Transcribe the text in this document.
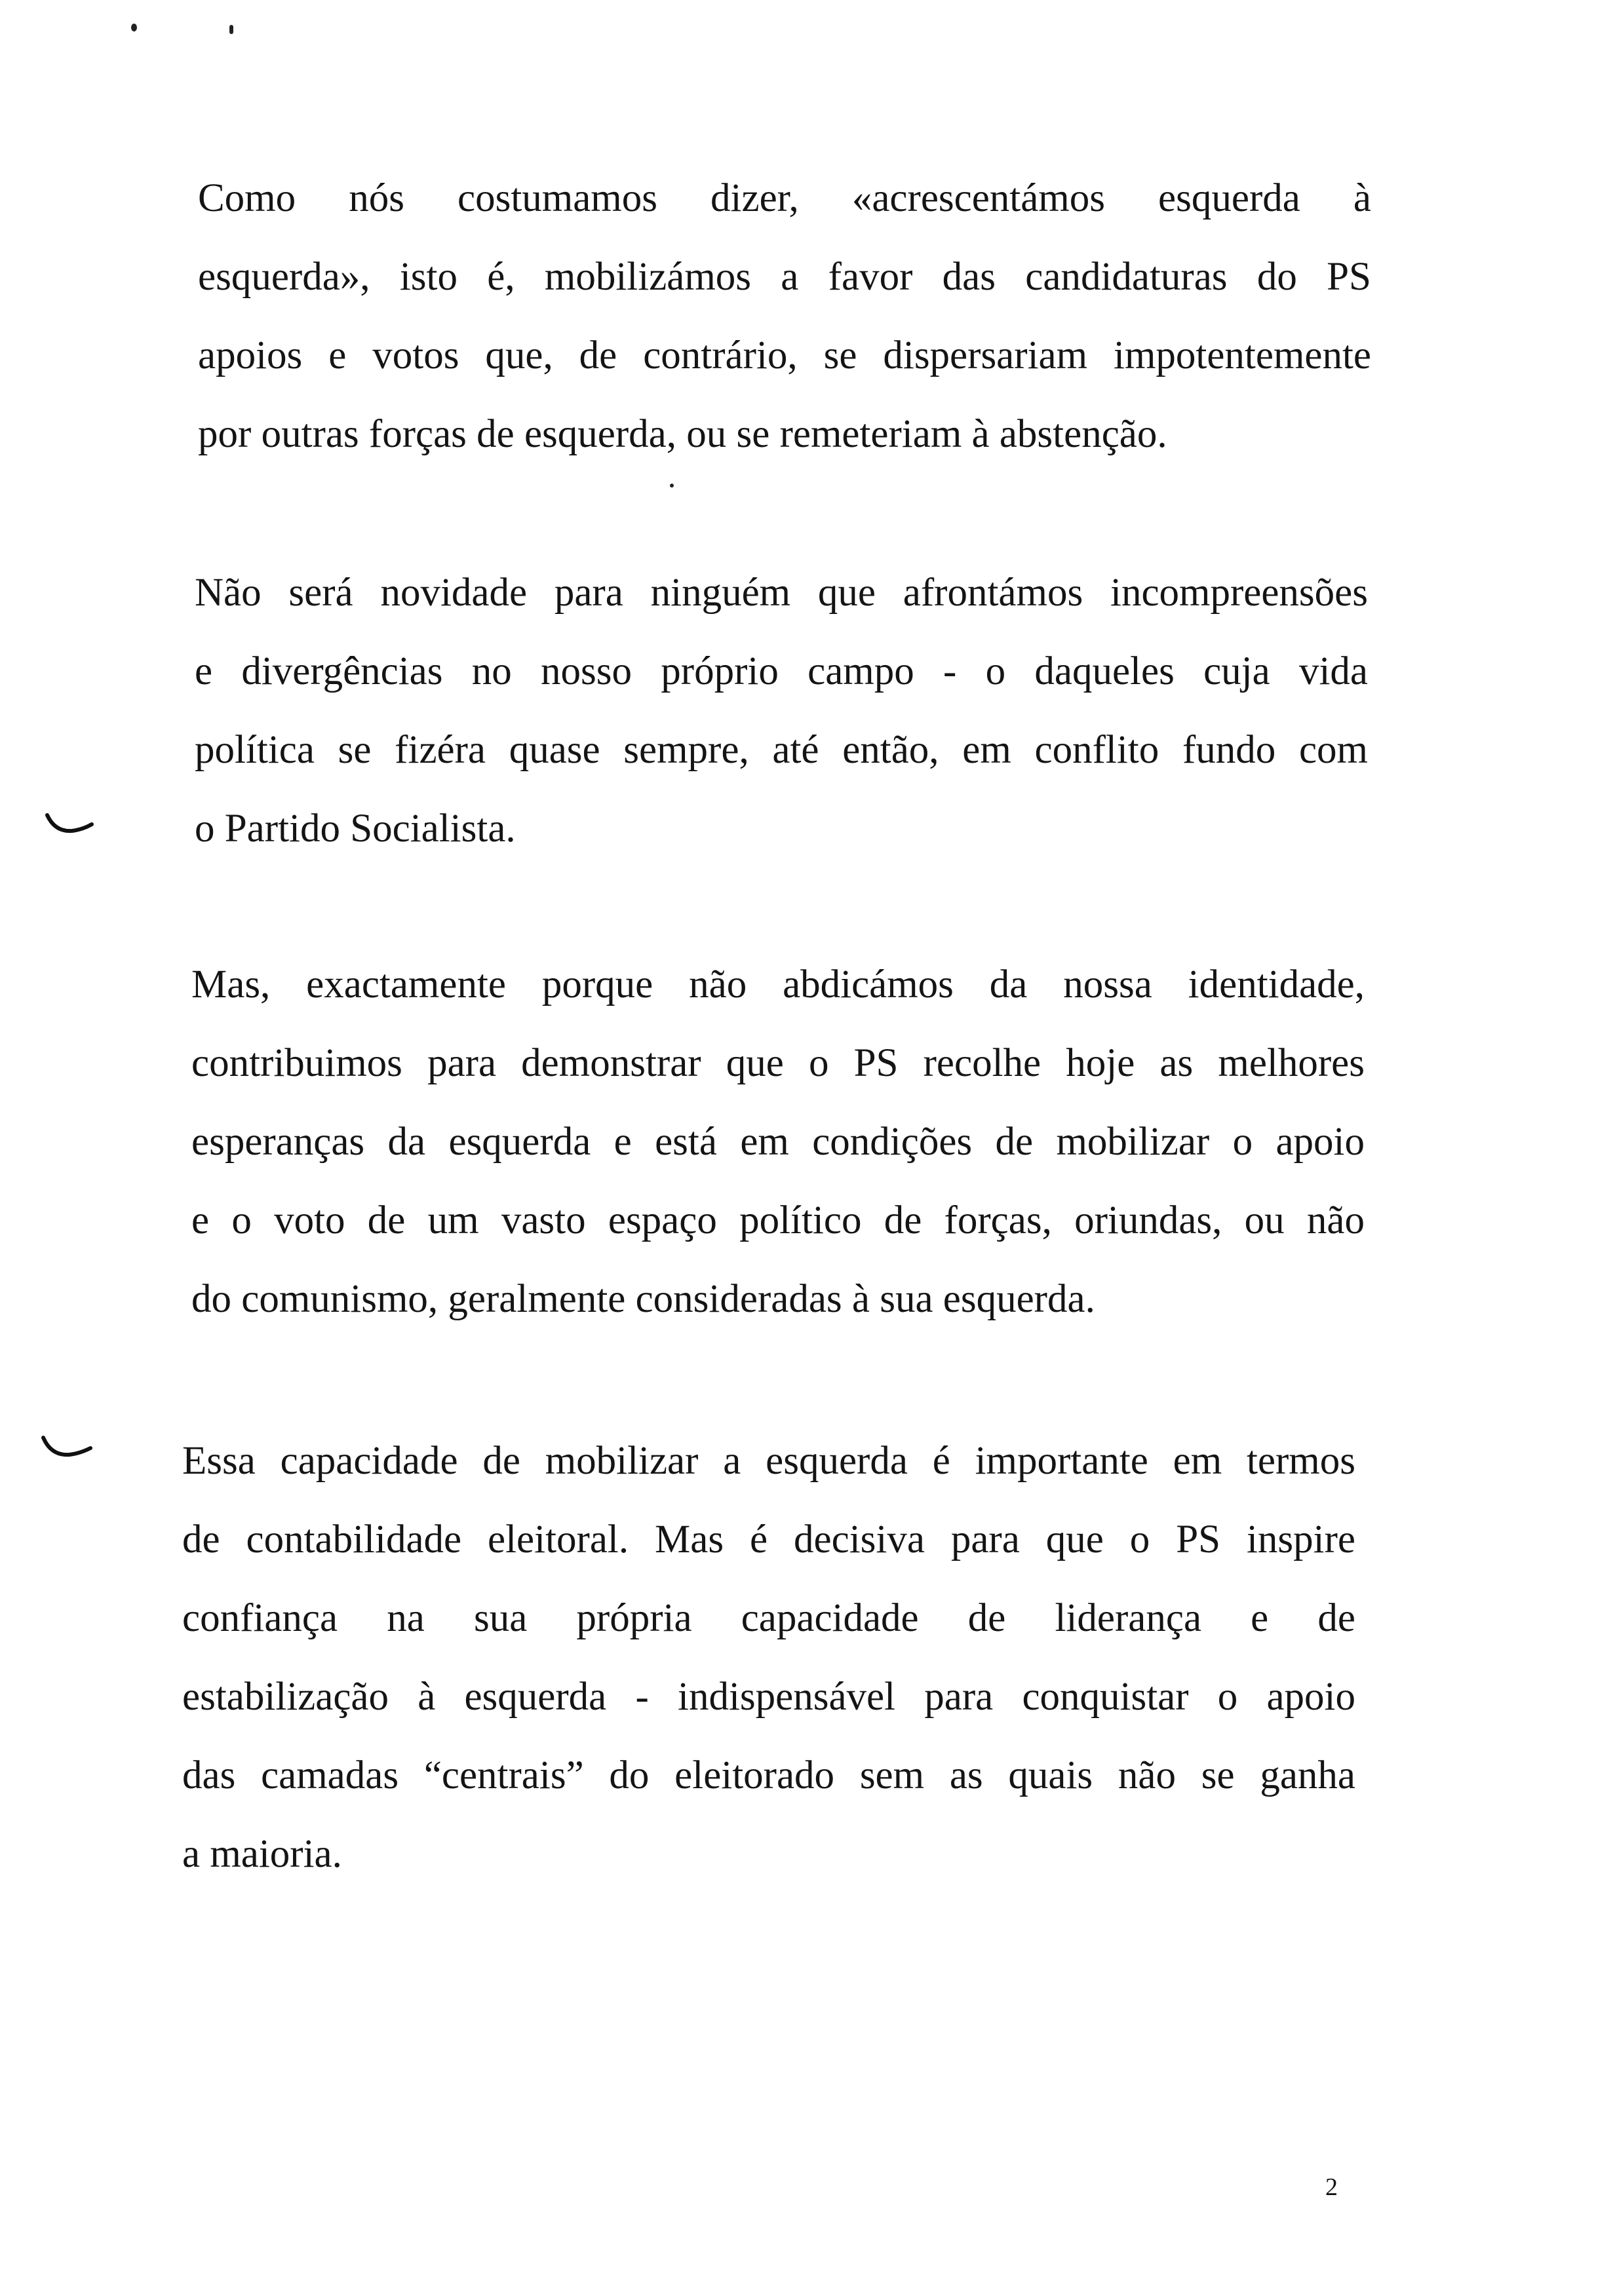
Como nós costumamos dizer, «acrescentámos esquerda à
esquerda», isto é, mobilizámos a favor das candidaturas do PS
apoios e votos que, de contrário, se dispersariam impotentemente
por outras forças de esquerda, ou se remeteriam à abstenção.

Não será novidade para ninguém que afrontámos incompreensões
e divergências no nosso próprio campo - o daqueles cuja vida
política se fizéra quase sempre, até então, em conflito fundo com
o Partido Socialista.

Mas, exactamente porque não abdicámos da nossa identidade,
contribuimos para demonstrar que o PS recolhe hoje as melhores
esperanças da esquerda e está em condições de mobilizar o apoio
e o voto de um vasto espaço político de forças, oriundas, ou não
do comunismo, geralmente consideradas à sua esquerda.

Essa capacidade de mobilizar a esquerda é importante em termos
de contabilidade eleitoral. Mas é decisiva para que o PS inspire
confiança na sua própria capacidade de liderança e de
estabilização à esquerda - indispensável para conquistar o apoio
das camadas “centrais” do eleitorado sem as quais não se ganha
a maioria.

2
